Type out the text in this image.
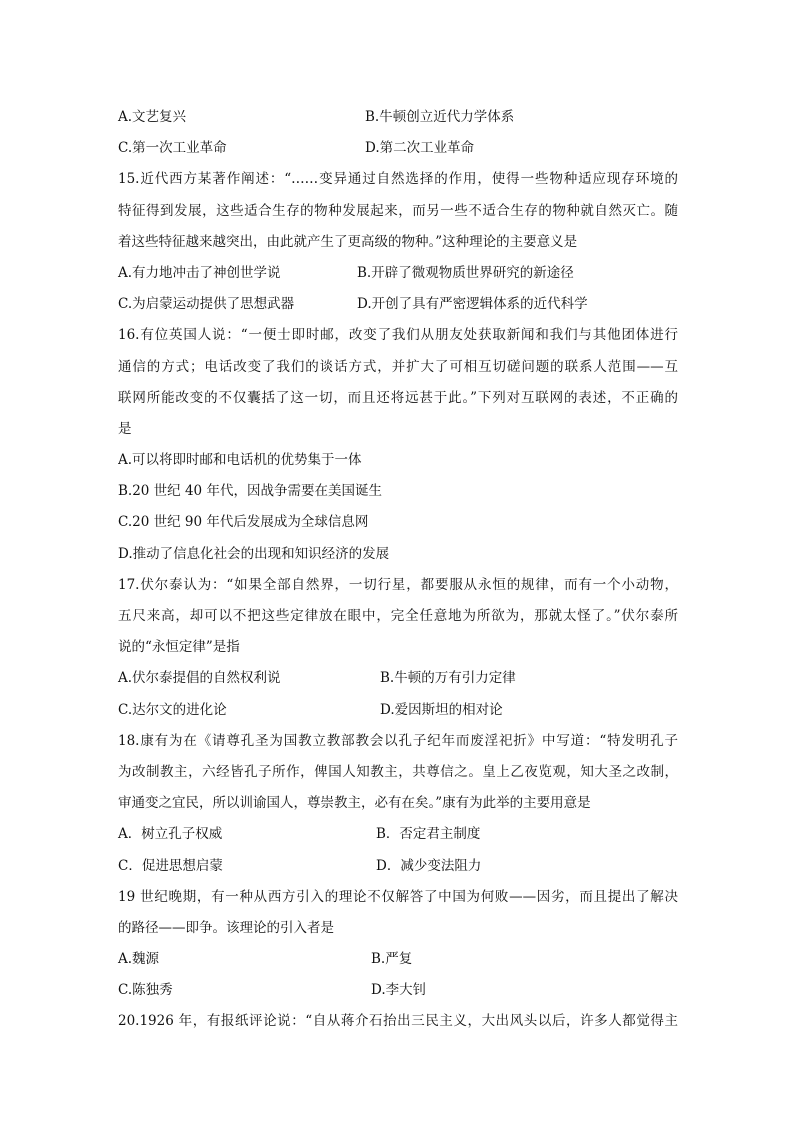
A.文艺复兴	B.牛顿创立近代力学体系
C.第一次工业革命	D.第二次工业革命
15.近代西方某著作阐述：“……变异通过自然选择的作用，使得一些物种适应现存环境的
特征得到发展，这些适合生存的物种发展起来，而另一些不适合生存的物种就自然灭亡。随
着这些特征越来越突出，由此就产生了更高级的物种。”这种理论的主要意义是
A.有力地冲击了神创世学说	B.开辟了微观物质世界研究的新途径
C.为启蒙运动提供了思想武器	D.开创了具有严密逻辑体系的近代科学
16.有位英国人说：“一便士即时邮，改变了我们从朋友处获取新闻和我们与其他团体进行
通信的方式；电话改变了我们的谈话方式，并扩大了可相互切磋问题的联系人范围——互
联网所能改变的不仅囊括了这一切，而且还将远甚于此。”下列对互联网的表述，不正确的
是
A.可以将即时邮和电话机的优势集于一体
B.20 世纪 40 年代，因战争需要在美国诞生
C.20 世纪 90 年代后发展成为全球信息网
D.推动了信息化社会的出现和知识经济的发展
17.伏尔泰认为：“如果全部自然界，一切行星，都要服从永恒的规律，而有一个小动物，
五尺来高，却可以不把这些定律放在眼中，完全任意地为所欲为，那就太怪了。”伏尔泰所
说的“永恒定律”是指
A.伏尔泰提倡的自然权利说	B.牛顿的万有引力定律
C.达尔文的进化论	D.爱因斯坦的相对论
18.康有为在《请尊孔圣为国教立教部教会以孔子纪年而废淫祀折》中写道：“特发明孔子
为改制教主，六经皆孔子所作，俾国人知教主，共尊信之。皇上乙夜览观，知大圣之改制，
审通变之宜民，所以训谕国人，尊崇教主，必有在矣。”康有为此举的主要用意是
A．树立孔子权威	B．否定君主制度
C．促进思想启蒙	D．减少变法阻力
19 世纪晚期，有一种从西方引入的理论不仅解答了中国为何败——因劣，而且提出了解决
的路径——即争。该理论的引入者是
A.魏源	B.严复
C.陈独秀	D.李大钊
20.1926 年，有报纸评论说：“自从蒋介石抬出三民主义，大出风头以后，许多人都觉得主
